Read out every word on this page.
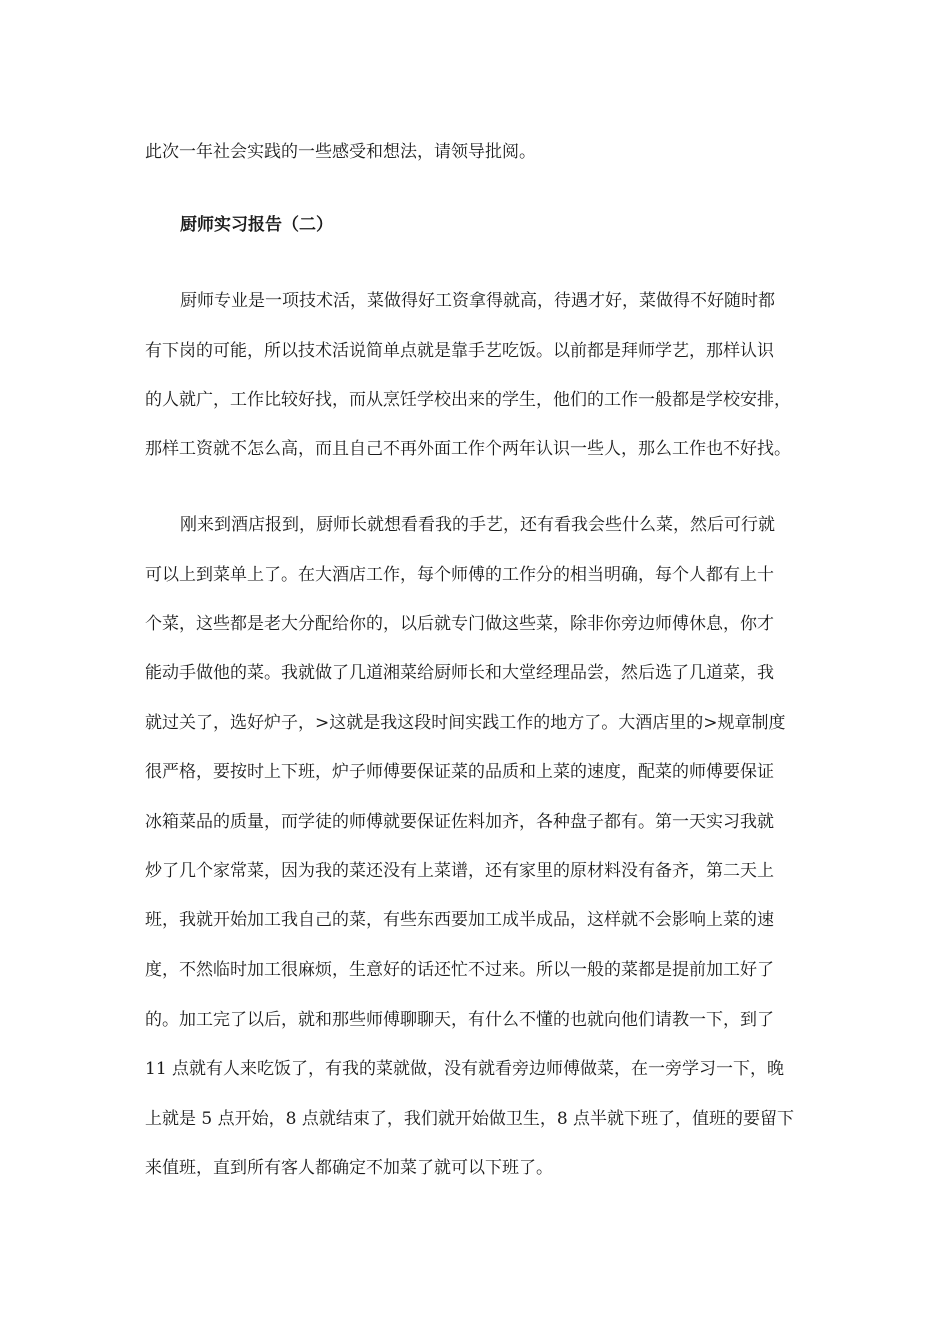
此次一年社会实践的一些感受和想法，请领导批阅。
厨师实习报告（二）
厨师专业是一项技术活，菜做得好工资拿得就高，待遇才好，菜做得不好随时都
有下岗的可能，所以技术活说简单点就是靠手艺吃饭。以前都是拜师学艺，那样认识
的人就广，工作比较好找，而从烹饪学校出来的学生，他们的工作一般都是学校安排，
那样工资就不怎么高，而且自己不再外面工作个两年认识一些人，那么工作也不好找。
刚来到酒店报到，厨师长就想看看我的手艺，还有看我会些什么菜，然后可行就
可以上到菜单上了。在大酒店工作，每个师傅的工作分的相当明确，每个人都有上十
个菜，这些都是老大分配给你的，以后就专门做这些菜，除非你旁边师傅休息，你才
能动手做他的菜。我就做了几道湘菜给厨师长和大堂经理品尝，然后选了几道菜，我
就过关了，选好炉子，>这就是我这段时间实践工作的地方了。大酒店里的>规章制度
很严格，要按时上下班，炉子师傅要保证菜的品质和上菜的速度，配菜的师傅要保证
冰箱菜品的质量，而学徒的师傅就要保证佐料加齐，各种盘子都有。第一天实习我就
炒了几个家常菜，因为我的菜还没有上菜谱，还有家里的原材料没有备齐，第二天上
班，我就开始加工我自己的菜，有些东西要加工成半成品，这样就不会影响上菜的速
度，不然临时加工很麻烦，生意好的话还忙不过来。所以一般的菜都是提前加工好了
的。加工完了以后，就和那些师傅聊聊天，有什么不懂的也就向他们请教一下，到了
11 点就有人来吃饭了，有我的菜就做，没有就看旁边师傅做菜，在一旁学习一下，晚
上就是 5 点开始，8 点就结束了，我们就开始做卫生，8 点半就下班了，值班的要留下
来值班，直到所有客人都确定不加菜了就可以下班了。
